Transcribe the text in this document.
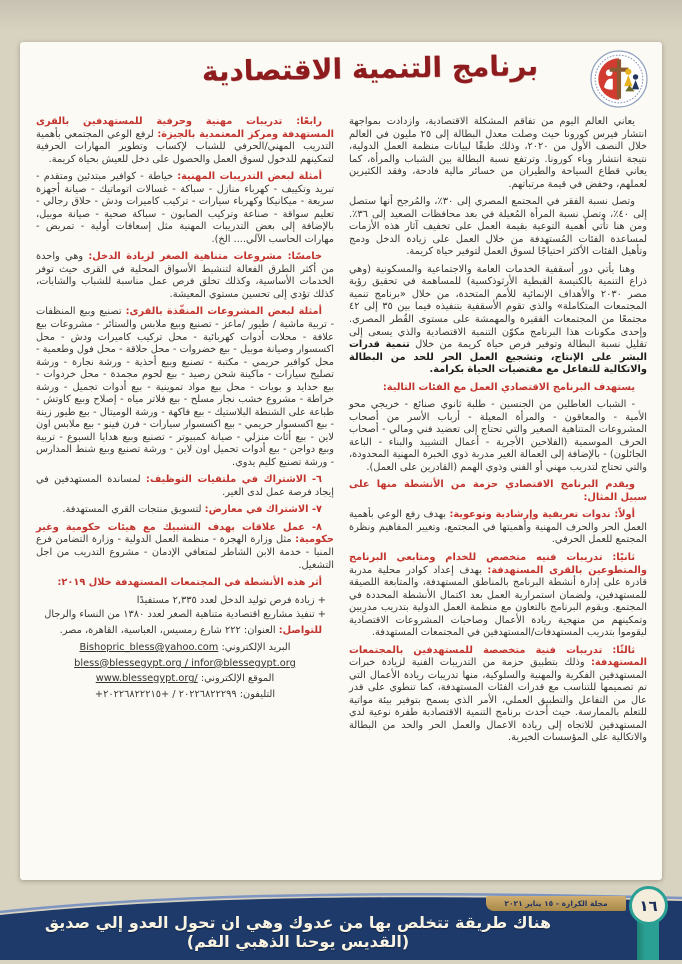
برنامج التنمية الاقتصادية

يعاني العالم اليوم من تفاقم المشكلة الاقتصادية، وازدادت بمواجهة انتشار فيرس كورونا حيث وصلت معدل البطالة إلى ٢٥ مليون في العالم خلال النصف الأول من ٢٠٢٠، وذلك طبقًا لبيانات منظمة العمل الدولية، نتيجة انتشار وباء كورونا. وترتفع نسبة البطالة بين الشباب والمرأة، كما يعاني قطاع السياحة والطيران من خسائر مالية فادحة، وفقد الكثيرين لعملهم، وخفض في قيمة مرتباتهم.

وتصل نسبة الفقر في المجتمع المصري إلى ٣٠٪، والمُرجح أنها ستصل إلى ٤٠٪، وتصل نسبة المرأة المُعيلة في بعد محافظات الصعيد إلى ٣٦٪. ومن هنا تأتي أهمية التوعية بقيمة العمل على تخفيف آثار هذه الأزمات لمساعدة الفئات المُستهدفة من خلال العمل على زيادة الدخل ودمج وتأهيل الفئات الأكثر احتياجًا لسوق العمل لتوفير حياة كريمة.

وهنا يأتي دور أسقفية الخدمات العامة والاجتماعية والمسكونية (وهي ذراع التنمية بالكنيسة القبطية الأرثوذكسية) للمساهمة في تحقيق رؤية مصر ٢٠٣٠ والأهداف الإنمائية للأمم المتحدة، من خلال «برنامج تنمية المجتمعات المتكاملة» والذي تقوم الأسقفية بتنفيذه فيما بين ٣٥ إلى ٤٢ مجتمعًا من المجتمعات الفقيرة والمهمشة على مستوى القُطر المصري. وإحدى مكونات هذا البرنامج مكوّن التنمية الاقتصادية والذي يسعى إلى تقليل نسبة البطالة وتوفير فرص حياة كريمة من خلال تنمية قدرات البشر على الإنتاج، وتشجيع العمل الحر للحد من البطالة والاتكالية للتفاعل مع مقتضيات الحياة بكرامة.

يستهدف البرنامج الاقتصادي العمل مع الفئات التالية:

- الشباب العاطلين من الجنسين - طلبة ثانوي صنائع - خريجي محو الأمية - والمعاقون - والمرأة المعيلة - أرباب الأسر من أصحاب المشروعات المتناهية الصغير والتي تحتاج إلى تعضيد فني ومالي - أصحاب الحرف الموسمية (الفلاحين الأجرية - أعمال التشييد والبناء - الباعة الجائلون) - بالإضافة إلى العمالة الغير مدربة ذوي الخبرة المهنية المحدودة، والتي تحتاج لتدريب مهني أو الفني وذوي الهمم (القادرين على العمل).

ويقدم البرنامج الاقتصادي حزمة من الأنشطة منها على سبيل المثال:

أولاً: ندوات تعريفية وإرشادية وتوعوية: بهدف رفع الوعي بأهمية العمل الحر والحرف المهنية وأهميتها في المجتمع، وتغيير المفاهيم ونظرة المجتمع للعمل الحرفي.

ثانيًا: تدريبات فنيه متخصص للخدام ومتابعي البرنامج والمتطوعين بالقرى المستهدفة: بهدف إعداد كوادر محلية مدربة قادرة على إدارة أنشطة البرنامج بالمناطق المستهدفة، والمتابعة اللصيقة للمستهدفين، ولضمان استمرارية العمل بعد اكتمال الأنشطة المحددة في المجتمع. ويقوم البرنامج بالتعاون مع منظمة العمل الدولية بتدريب مدرِبين وتمكينهم من منهجية ريادة الأعمال وصاحبات المشروعات الاقتصادية ليقوموا بتدريب المستهدفات/المستهدفين في المجتمعات المستهدفة.

ثالثًا: تدريبات فنية متخصصة للمستهدفين بالمجتمعات المستهدفة: وذلك بتطبيق حزمة من التدريبات الفنية لزيادة خبرات المستهدفين الفكرية والمهنية والسلوكية، منها تدريبات ريادة الأعمال التي تم تصميمها للتناسب مع قدرات الفئات المستهدفة، كما تنطوي على قدر عال من التفاعل والتطبيق العملي، الأمر الذي يسمح بتوفير بيئة مواتية للتعلم بالممارسة. حيث أحدث برنامج التنمية الاقتصادية طفرة نوعية لدي المستهدفين للاتجاه إلى ريادة الاعمال والعمل الحر والحد من البطالة والاتكالية على المؤسسات الخيرية.

رابعًا: تدريبات مهنية وحرفية للمستهدفين بالقرى المستهدفة ومركز المعتمدية بالجيزة: لرفع الوعي المجتمعي بأهمية التدريب المهني/الحرفي للشباب لإكساب وتطوير المهارات الحرفية لتمكينهم للدخول لسوق العمل والحصول على دخل للعيش بحياة كريمة.

أمثلة لبعض التدريبات المهنية: خياطة - كوافير مبتدئين ومتقدم - تبريد وتكييف - كهرباء منازل - سباكة - غسالات اتوماتيك - صيانة أجهزة سريعة - ميكانيكا وكهرباء سيارات - تركيب كاميرات ودش - حلاق رجالي - تعليم سواقة - صناعة وتركيب الصابون - سباكة صحية - صيانة موبيل، بالإضافة إلى بعض التدريبات المهنية مثل إسعافات أولية - تمريض - مهارات الحاسب الآلي.... الخ).

خامسًا: مشروعات متناهية الصغر لزيادة الدخل: وهي واحدة من أكثر الطرق الفعالة لتنشيط الأسواق المحلية في القرى حيث توفر الخدمات الأساسية، وكذلك تخلق فرص عمل مناسبة للشباب والشابات، كذلك تؤدي إلى تحسين مستوي المعيشة.

أمثلة لبعض المشروعات المنفّذة بالقرى: تصنيع وبيع المنظفات - تربية ماشية / طيور /ماعز - تصنيع وبيع ملابس والستائر - مشروعات بيع علافة - محلات أدوات كهربائية - محل تركيب كاميرات ودش - محل اكسسوار وصيانة موبيل - بيع خضروات - محل حلاقة - محل فول وطعمية - محل كوافير حريمي - مكتبة - تصنيع وبيع أحذية - ورشة نجارة - ورشة تصليح سيارات - ماكينة شحن رصيد - بيع لحوم مجمدة - محل خردوات - بيع حدايد و بويات - محل بيع مواد تموينية - بيع أدوات تجميل - ورشة خراطة - مشروع خشب نجار مسلح - بيع فلاتر مياه - إصلاح وبيع كاوتش - طباعة على الشنطة البلاستيك - بيع فاكهة - ورشة الوميتال - بيع طيور زينة - بيع اكسسوار حريمي - بيع اكسسوار سيارات - فرن فينو - بيع ملابس اون لاين - بيع أثاث منزلي - صيانة كمبيوتر - تصنيع وبيع هدايا السبوع - تربية وبيع دواجن - بيع أدوات تحميل اون لاين - ورشة تصنيع وبيع شنط المدارس - ورشة تصنيع كليم يدوي.

٦- الاشتراك في ملتقيات التوظيف: لمساندة المستهدفين في إيجاد فرصة عمل لدى الغير.

٧- الاشتراك في معارض: لتسويق منتجات القري المستهدفة.

٨- عمل علاقات بهدف التشبيك مع هيئات حكومية وغير حكومية: مثل وزارة الهجرة - منظمة العمل الدولية - وزارة التضامن فرع المنيا - خدمة الابن الشاطر لمتعافي الإدمان - مشروع التدريب من اجل التشغيل.

أثر هذه الأنشطة في المجتمعات المستهدفة خلال ٢٠١٩:

+ زيادة فرص توليد الدخل لعدد ٢,٣٣٥ مستفيدًا

+ تنفيذ مشاريع اقتصادية متناهية الصغر لعدد ١٣٨٠ من النساء والرجال

للتواصل: العنوان: ٢٢٢ شارع رمسيس، العباسية، القاهرة، مصر.

البريد الإلكتروني: Bishopric_bless@yahoo.com

bless@blessegypt.org / infor@blessegypt.org

الموقع الإلكتروني: www.blessegypt.org/

التليفون: +٢٠٢٢٦٨٢٢٢٩٩ / +٢٠٢٢٦٨٢٢٢١٥

هناك طريقة تتخلص بها من عدوك وهي ان تحول العدو إلي صديق (القديس يوحنا الذهبي الفم)
مجلة الكرازة - ١٥ يناير ٢٠٢١	١٦
